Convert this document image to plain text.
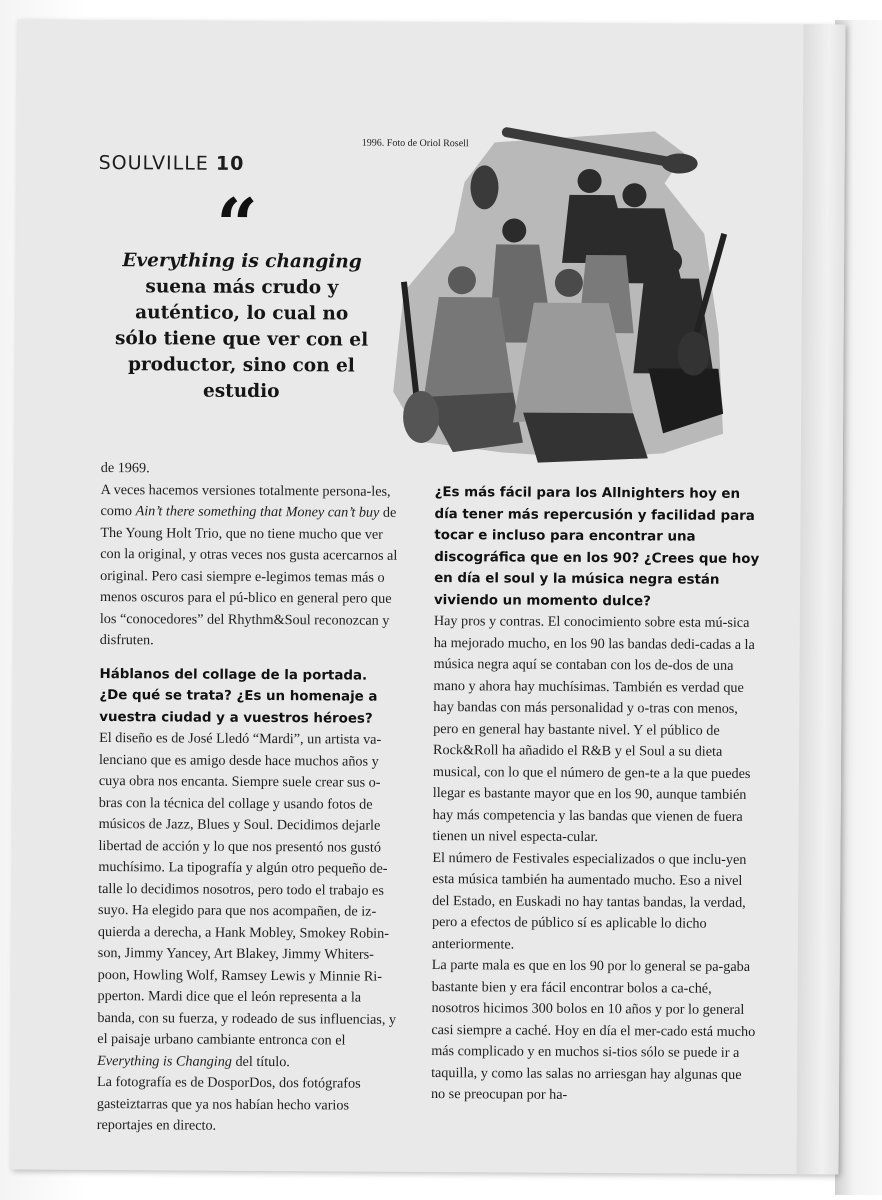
SOULVILLE 10
1996. Foto de Oriol Rosell
“
Everything is changing suena más crudo y auténtico, lo cual no sólo tiene que ver con el productor, sino con el estudio

de 1969.

A veces hacemos versiones totalmente persona-les, como Ain’t there something that Money can’t buy de The Young Holt Trio, que no tiene mucho que ver con la original, y otras veces nos gusta acercarnos al original. Pero casi siempre e-legimos temas más o menos oscuros para el pú-blico en general pero que los “conocedores” del Rhythm&Soul reconozcan y disfruten.

Háblanos del collage de la portada. ¿De qué se trata? ¿Es un homenaje a vuestra ciudad y a vuestros héroes?

El diseño es de José Lledó “Mardi”, un artista va-lenciano que es amigo desde hace muchos años y cuya obra nos encanta. Siempre suele crear sus o-bras con la técnica del collage y usando fotos de músicos de Jazz, Blues y Soul. Decidimos dejarle libertad de acción y lo que nos presentó nos gustó muchísimo. La tipografía y algún otro pequeño de-talle lo decidimos nosotros, pero todo el trabajo es suyo. Ha elegido para que nos acompañen, de iz-quierda a derecha, a Hank Mobley, Smokey Robin-son, Jimmy Yancey, Art Blakey, Jimmy Whiters-poon, Howling Wolf, Ramsey Lewis y Minnie Ri-pperton. Mardi dice que el león representa a la banda, con su fuerza, y rodeado de sus influencias, y el paisaje urbano cambiante entronca con el Everything is Changing del título.

La fotografía es de DosporDos, dos fotógrafos gasteiztarras que ya nos habían hecho varios reportajes en directo.

¿Es más fácil para los Allnighters hoy en día tener más repercusión y facilidad para tocar e incluso para encontrar una discográfica que en los 90? ¿Crees que hoy en día el soul y la música negra están viviendo un momento dulce?

Hay pros y contras. El conocimiento sobre esta mú-sica ha mejorado mucho, en los 90 las bandas dedi-cadas a la música negra aquí se contaban con los de-dos de una mano y ahora hay muchísimas. También es verdad que hay bandas con más personalidad y o-tras con menos, pero en general hay bastante nivel. Y el público de Rock&Roll ha añadido el R&B y el Soul a su dieta musical, con lo que el número de gen-te a la que puedes llegar es bastante mayor que en los 90, aunque también hay más competencia y las bandas que vienen de fuera tienen un nivel especta-cular.

El número de Festivales especializados o que inclu-yen esta música también ha aumentado mucho. Eso a nivel del Estado, en Euskadi no hay tantas bandas, la verdad, pero a efectos de público sí es aplicable lo dicho anteriormente.

La parte mala es que en los 90 por lo general se pa-gaba bastante bien y era fácil encontrar bolos a ca-ché, nosotros hicimos 300 bolos en 10 años y por lo general casi siempre a caché. Hoy en día el mer-cado está mucho más complicado y en muchos si-tios sólo se puede ir a taquilla, y como las salas no arriesgan hay algunas que no se preocupan por ha-
